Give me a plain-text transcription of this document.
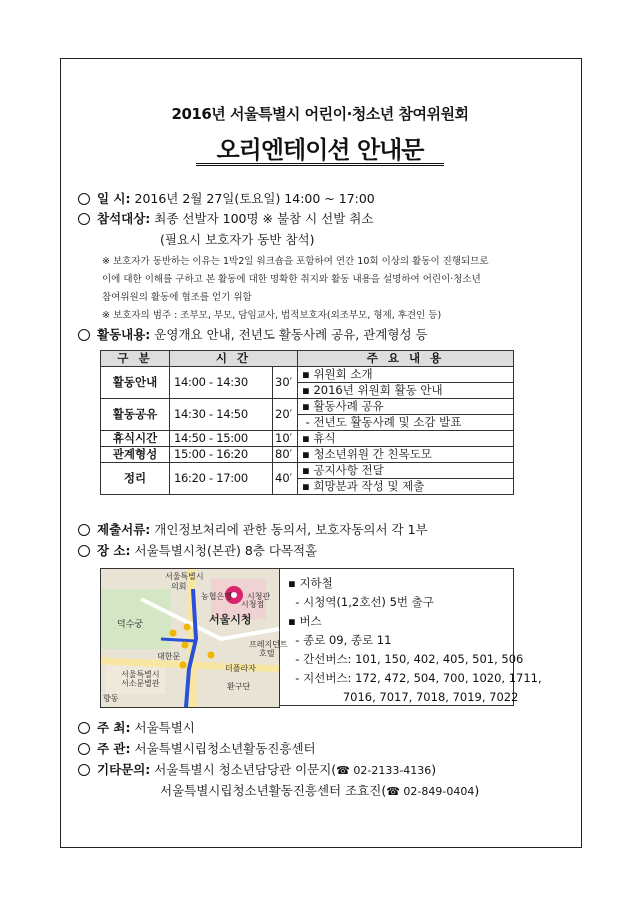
2016년 서울특별시 어린이·청소년 참여위원회
오리엔테이션 안내문
일 시: 2016년 2월 27일(토요일) 14:00 ~ 17:00
참석대상: 최종 선발자 100명 ※ 불참 시 선발 취소
(필요시 보호자가 동반 참석)
※ 보호자가 동반하는 이유는 1박2일 워크숍을 포함하여 연간 10회 이상의 활동이 진행되므로
이에 대한 이해를 구하고 본 활동에 대한 명확한 취지와 활동 내용을 설명하여 어린이·청소년
참여위원의 활동에 협조를 얻기 위함
※ 보호자의 범주 : 조부모, 부모, 담임교사, 법적보호자(외조부모, 형제, 후견인 등)
활동내용: 운영개요 안내, 전년도 활동사례 공유, 관계형성 등
구 분	시 간		주 요 내 용
활동안내	14:00 - 14:30	30′	▪ 위원회 소개
			▪ 2016년 위원회 활동 안내
활동공유	14:30 - 14:50	20′	▪ 활동사례 공유
			- 전년도 활동사례 및 소감 발표
휴식시간	14:50 - 15:00	10′	▪ 휴식
관계형성	15:00 - 16:20	80′	▪ 청소년위원 간 친목도모
정리	16:20 - 17:00	40′	▪ 공지사항 전달
			▪ 희망분과 작성 및 제출
제출서류: 개인정보처리에 관한 동의서, 보호자동의서 각 1부
장 소: 서울특별시청(본관) 8층 다목적홀
서울특별시
의회
농협은행 시청관
시청점
서울시청
덕수궁
대한문
프레지던트
호텔
더플라자
서울특별시
서소문별관	환구단
향동
▪ 지하철
- 시청역(1,2호선) 5번 출구
▪ 버스
- 종로 09, 종로 11
- 간선버스: 101, 150, 402, 405, 501, 506
- 지선버스: 172, 472, 504, 700, 1020, 1711,
7016, 7017, 7018, 7019, 7022
주 최: 서울특별시
주 관: 서울특별시립청소년활동진흥센터
기타문의: 서울특별시 청소년담당관 이문지(☎ 02-2133-4136)
서울특별시립청소년활동진흥센터 조효진(☎ 02-849-0404)
